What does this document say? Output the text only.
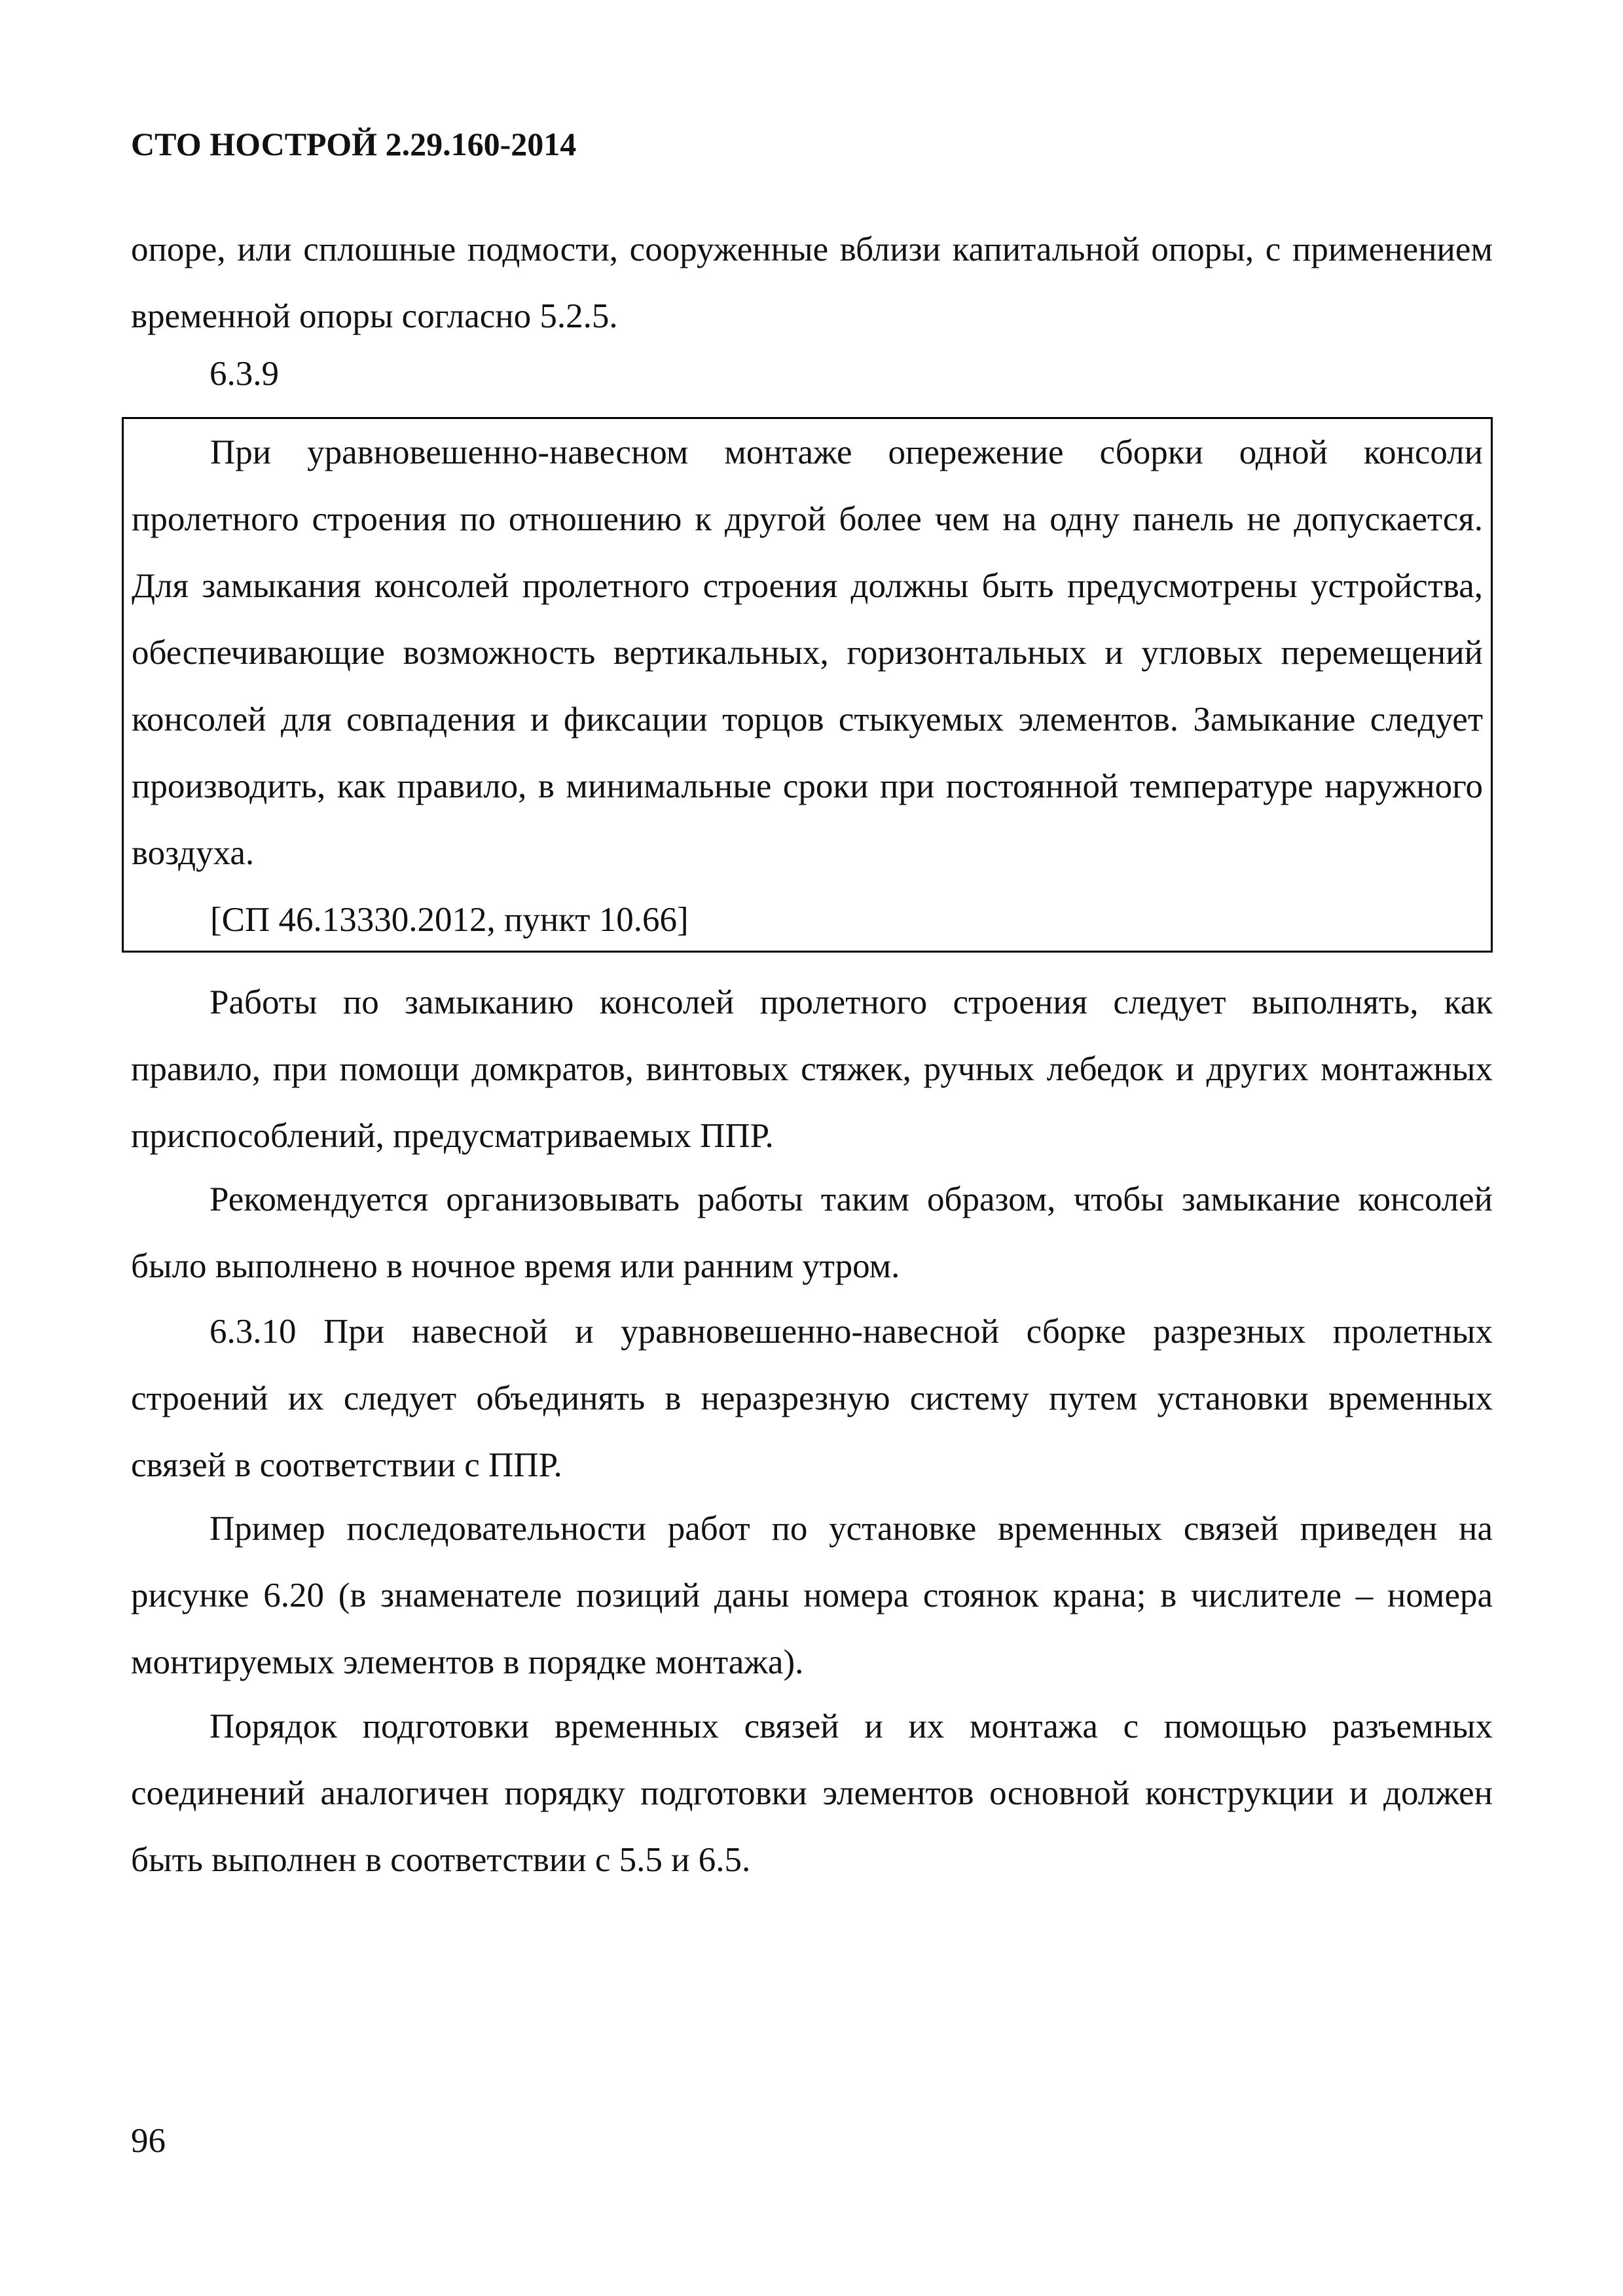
СТО НОСТРОЙ 2.29.160-2014

опоре, или сплошные подмости, сооруженные вблизи капитальной опоры, с применением временной опоры согласно 5.2.5.

6.3.9

При уравновешенно-навесном монтаже опережение сборки одной консоли пролетного строения по отношению к другой более чем на одну панель не допускается. Для замыкания консолей пролетного строения должны быть предусмотрены устройства, обеспечивающие возможность вертикальных, горизонтальных и угловых перемещений консолей для совпадения и фиксации торцов стыкуемых элементов. Замыкание следует производить, как правило, в минимальные сроки при постоянной температуре наружного воздуха.

[СП 46.13330.2012, пункт 10.66]

Работы по замыканию консолей пролетного строения следует выполнять, как правило, при помощи домкратов, винтовых стяжек, ручных лебедок и других монтажных приспособлений, предусматриваемых ППР.

Рекомендуется организовывать работы таким образом, чтобы замыкание консолей было выполнено в ночное время или ранним утром.

6.3.10 При навесной и уравновешенно-навесной сборке разрезных пролетных строений их следует объединять в неразрезную систему путем установки временных связей в соответствии с ППР.

Пример последовательности работ по установке временных связей приведен на рисунке 6.20 (в знаменателе позиций даны номера стоянок крана; в числителе – номера монтируемых элементов в порядке монтажа).

Порядок подготовки временных связей и их монтажа с помощью разъемных соединений аналогичен порядку подготовки элементов основной конструкции и должен быть выполнен в соответствии с 5.5 и 6.5.

96
